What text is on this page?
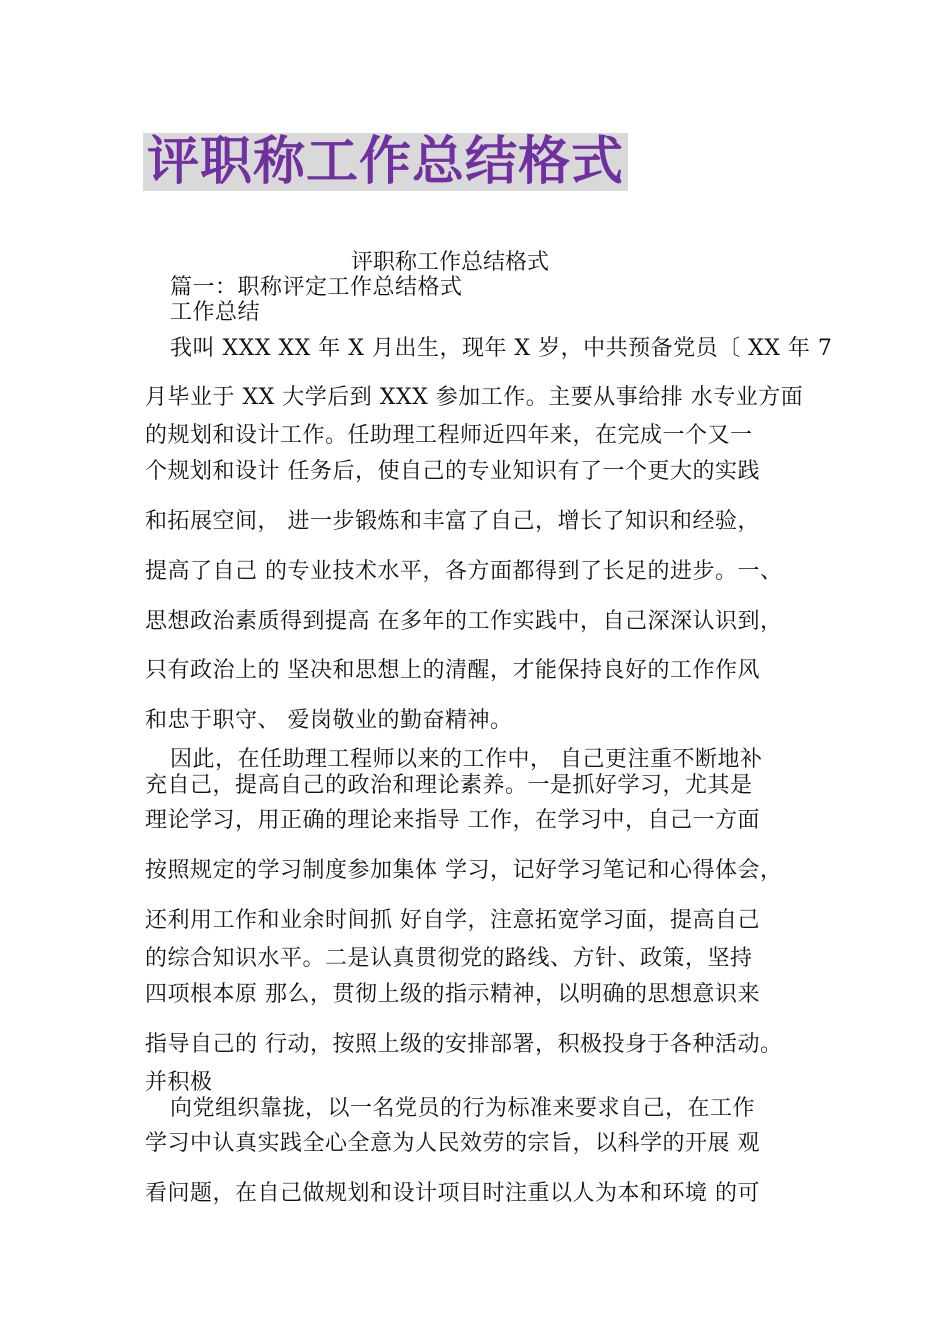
评职称工作总结格式
评职称工作总结格式
篇一：职称评定工作总结格式
工作总结
我叫 XXX XX 年 X 月出生，现年 X 岁，中共预备党员〔 XX 年 7
月毕业于 XX 大学后到 XXX 参加工作。主要从事给排 水专业方面
的规划和设计工作。任助理工程师近四年来，在完成一个又一
个规划和设计 任务后，使自己的专业知识有了一个更大的实践
和拓展空间， 进一步锻炼和丰富了自己，增长了知识和经验，
提高了自己 的专业技术水平，各方面都得到了长足的进步。一、
思想政治素质得到提高 在多年的工作实践中，自己深深认识到，
只有政治上的 坚决和思想上的清醒，才能保持良好的工作作风
和忠于职守、 爱岗敬业的勤奋精神。
因此，在任助理工程师以来的工作中， 自己更注重不断地补
充自己，提高自己的政治和理论素养。一是抓好学习，尤其是
理论学习，用正确的理论来指导 工作，在学习中，自己一方面
按照规定的学习制度参加集体 学习，记好学习笔记和心得体会，
还利用工作和业余时间抓 好自学，注意拓宽学习面，提高自己
的综合知识水平。二是认真贯彻党的路线、方针、政策，坚持
四项根本原 那么，贯彻上级的指示精神，以明确的思想意识来
指导自己的 行动，按照上级的安排部署，积极投身于各种活动。
并积极
向党组织靠拢，以一名党员的行为标准来要求自己，在工作
学习中认真实践全心全意为人民效劳的宗旨，以科学的开展 观
看问题，在自己做规划和设计项目时注重以人为本和环境 的可
